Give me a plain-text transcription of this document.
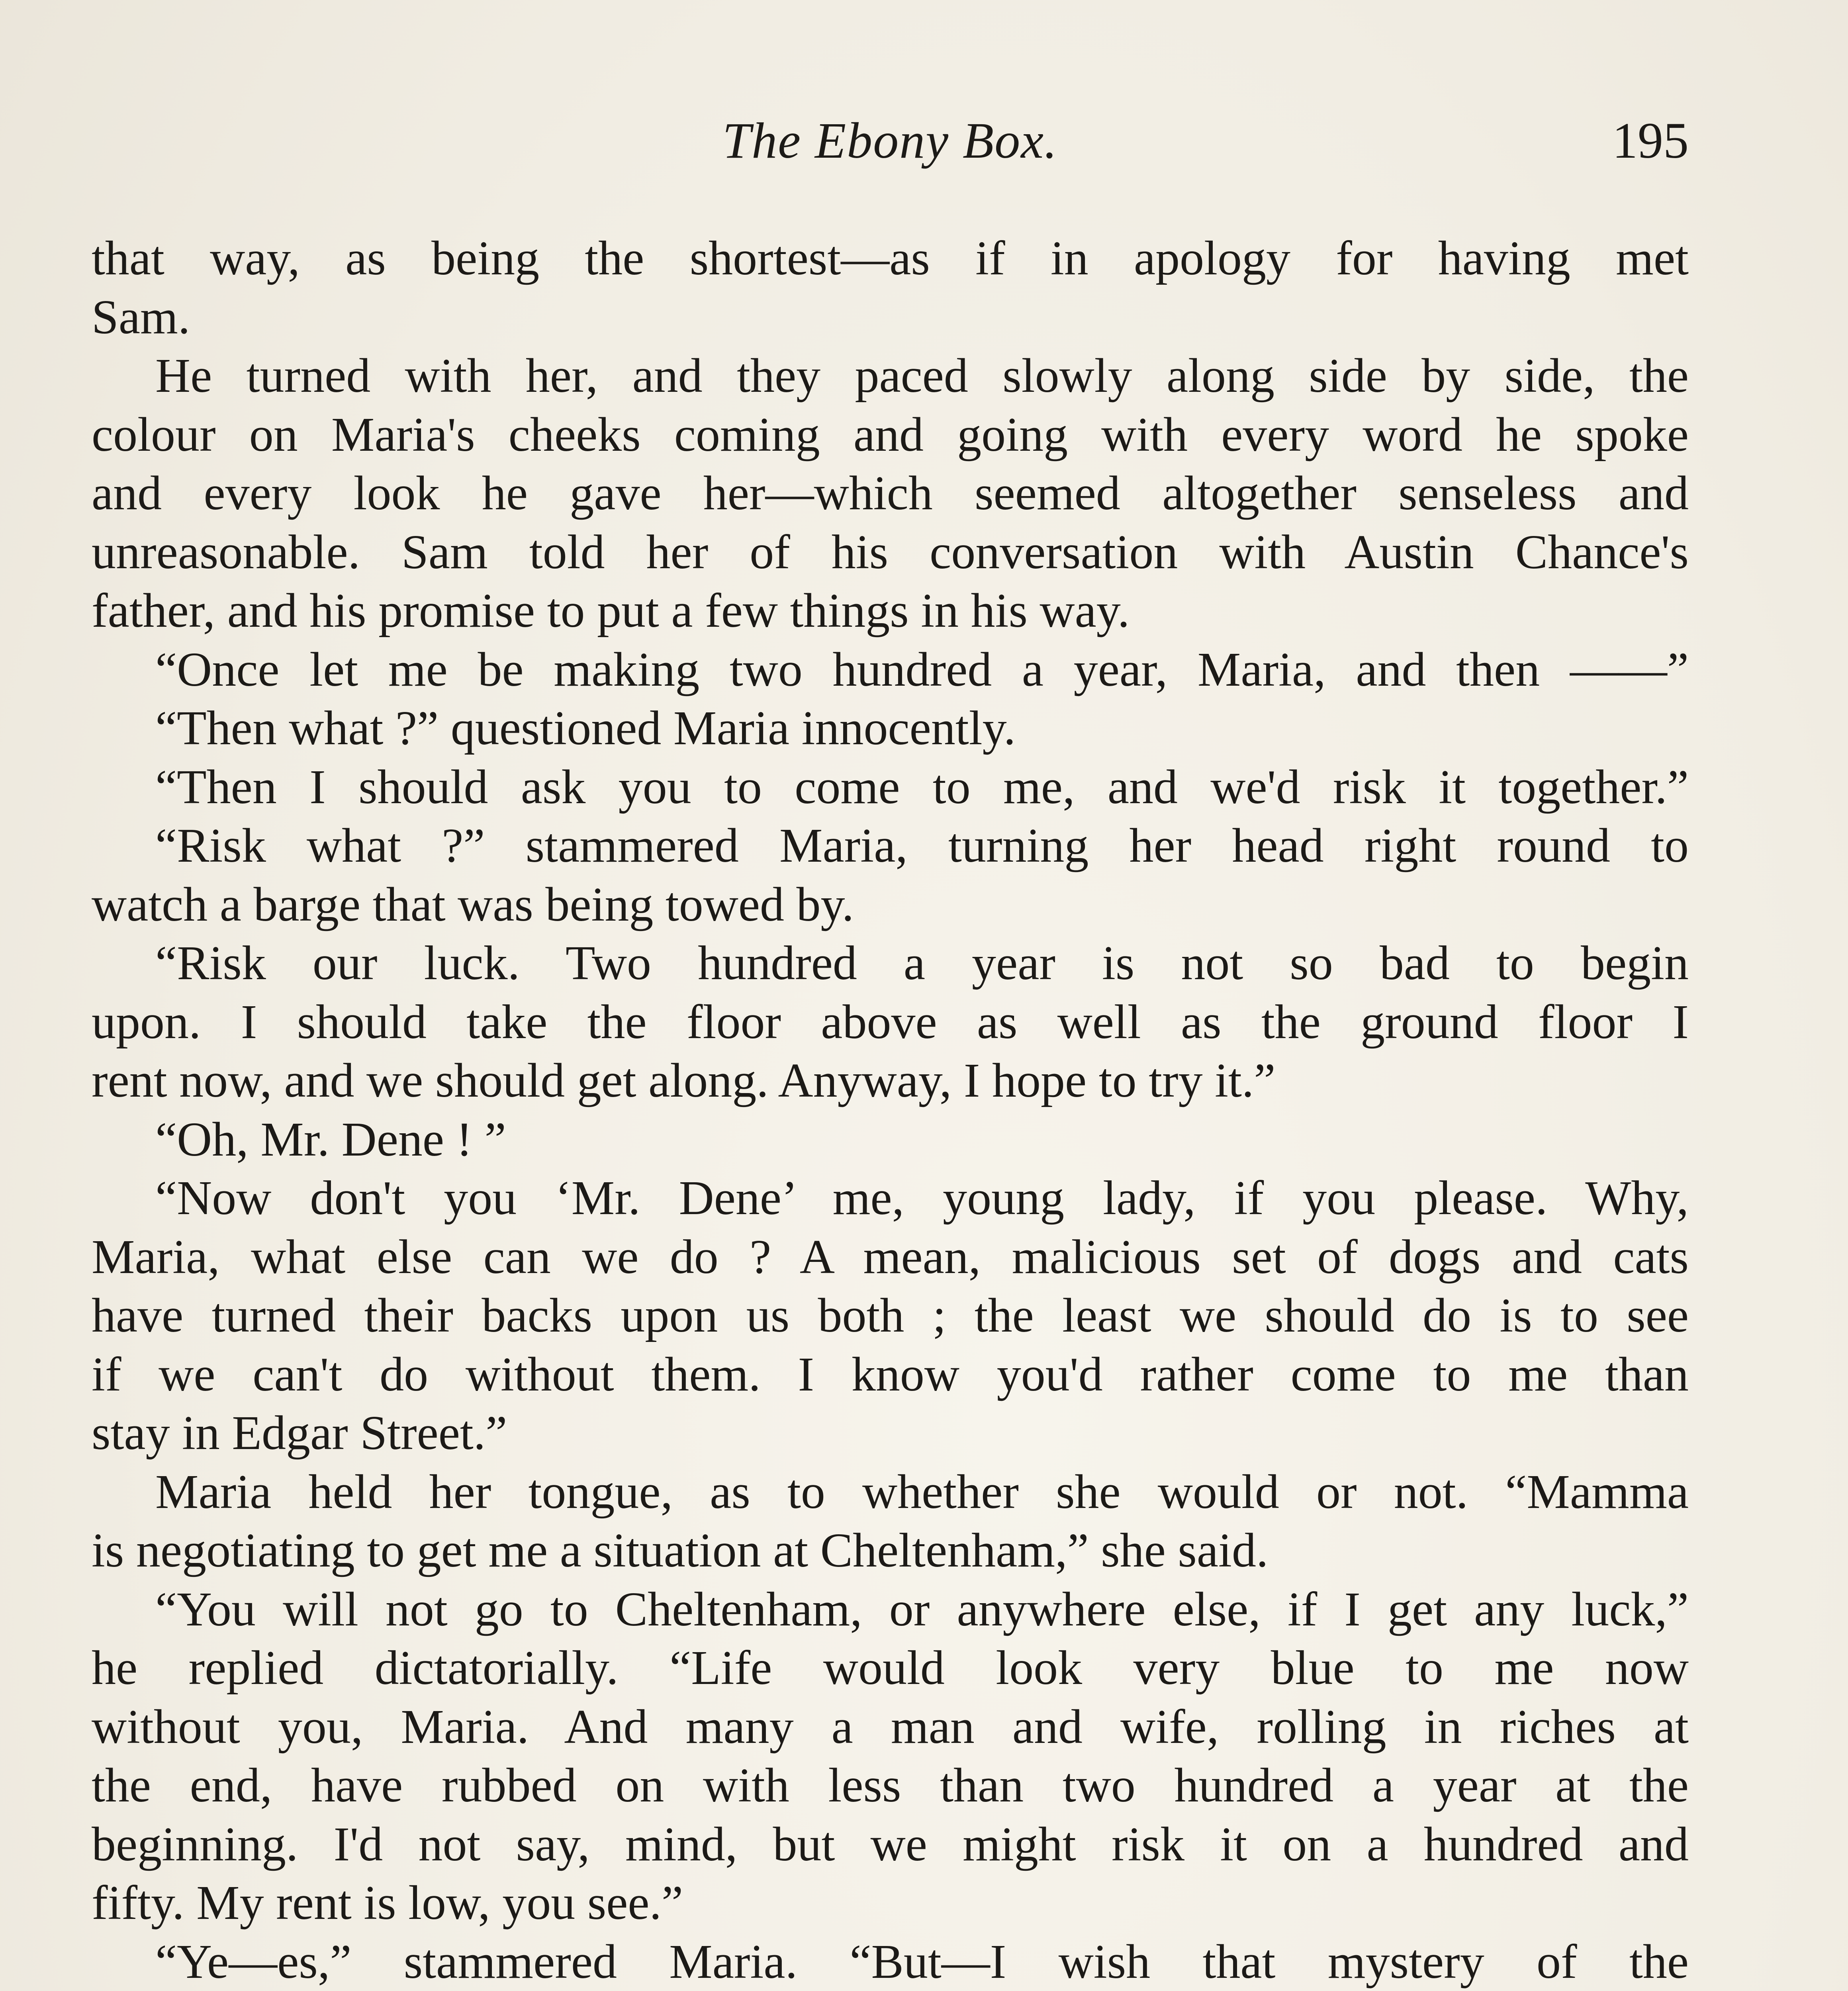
The Ebony Box.	195

that way, as being the shortest—as if in apology for having met
Sam.

He turned with her, and they paced slowly along side by side, the
colour on Maria's cheeks coming and going with every word he spoke
and every look he gave her—which seemed altogether senseless and
unreasonable. Sam told her of his conversation with Austin Chance's
father, and his promise to put a few things in his way.

“Once let me be making two hundred a year, Maria, and then ——”

“Then what ?” questioned Maria innocently.

“Then I should ask you to come to me, and we'd risk it together.”

“Risk what ?” stammered Maria, turning her head right round to
watch a barge that was being towed by.

“Risk our luck. Two hundred a year is not so bad to begin
upon. I should take the floor above as well as the ground floor I
rent now, and we should get along. Anyway, I hope to try it.”

“Oh, Mr. Dene ! ”

“Now don't you ‘Mr. Dene’ me, young lady, if you please. Why,
Maria, what else can we do ? A mean, malicious set of dogs and cats
have turned their backs upon us both ; the least we should do is to see
if we can't do without them. I know you'd rather come to me than
stay in Edgar Street.”

Maria held her tongue, as to whether she would or not. “Mamma
is negotiating to get me a situation at Cheltenham,” she said.

“You will not go to Cheltenham, or anywhere else, if I get any luck,”
he replied dictatorially. “Life would look very blue to me now
without you, Maria. And many a man and wife, rolling in riches at
the end, have rubbed on with less than two hundred a year at the
beginning. I'd not say, mind, but we might risk it on a hundred and
fifty. My rent is low, you see.”

“Ye—es,” stammered Maria. “But—I wish that mystery of the
